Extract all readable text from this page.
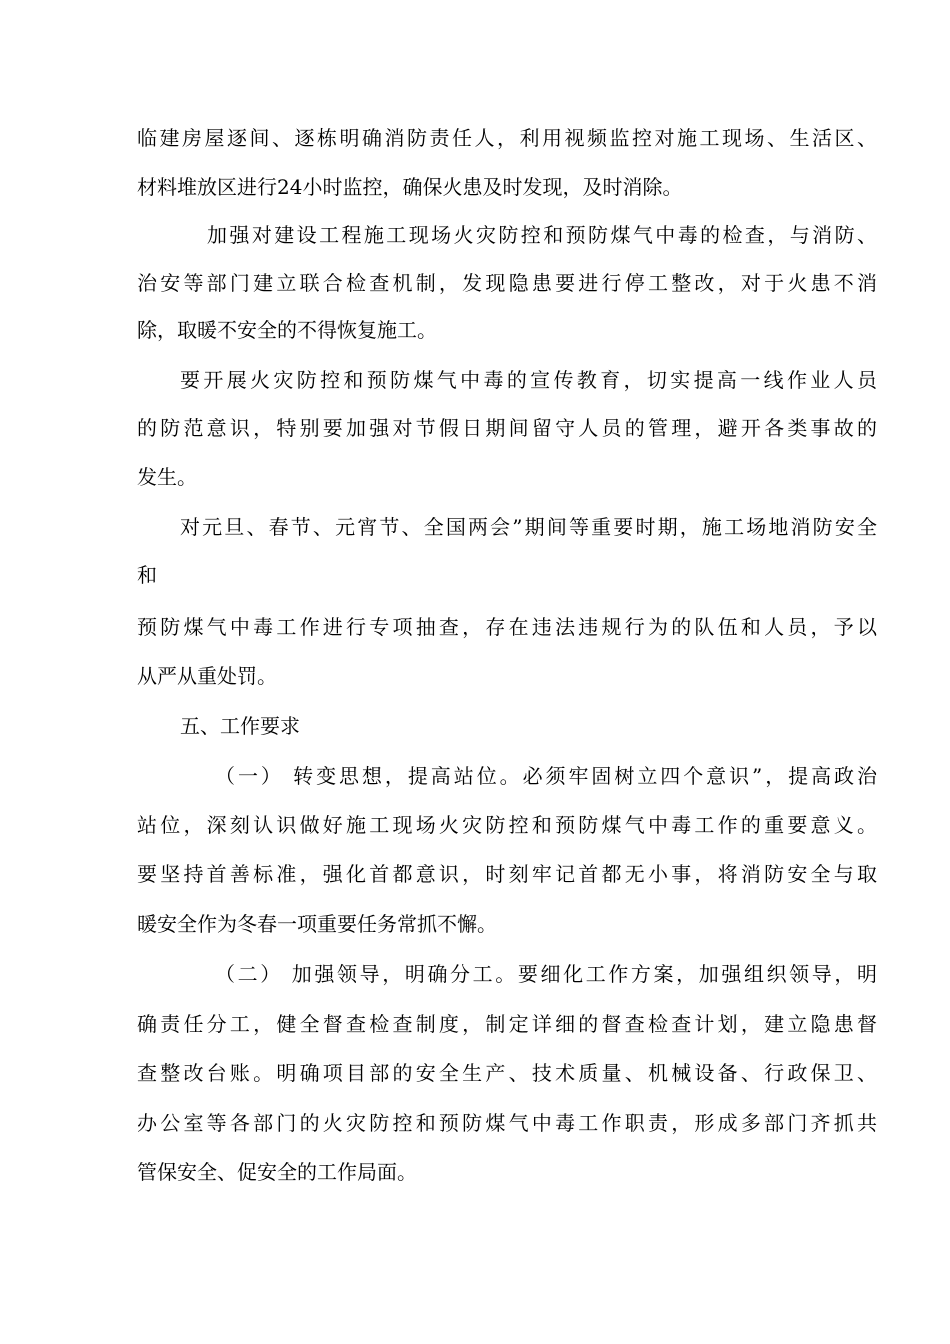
临建房屋逐间、逐栋明确消防责任人，利用视频监控对施工现场、生活区、
材料堆放区进行24小时监控，确保火患及时发现，及时消除。
加强对建设工程施工现场火灾防控和预防煤气中毒的检查，与消防、
治安等部门建立联合检查机制，发现隐患要进行停工整改，对于火患不消
除，取暖不安全的不得恢复施工。
要开展火灾防控和预防煤气中毒的宣传教育，切实提高一线作业人员
的防范意识，特别要加强对节假日期间留守人员的管理，避开各类事故的
发生。
对元旦、春节、元宵节、全国两会”期间等重要时期，施工场地消防安全
和
预防煤气中毒工作进行专项抽查，存在违法违规行为的队伍和人员，予以
从严从重处罚。
五、工作要求
（一） 转变思想，提高站位。必须牢固树立四个意识”，提高政治
站位，深刻认识做好施工现场火灾防控和预防煤气中毒工作的重要意义。
要坚持首善标准，强化首都意识，时刻牢记首都无小事，将消防安全与取
暖安全作为冬春一项重要任务常抓不懈。
（二） 加强领导，明确分工。要细化工作方案，加强组织领导，明
确责任分工，健全督查检查制度，制定详细的督查检查计划，建立隐患督
查整改台账。明确项目部的安全生产、技术质量、机械设备、行政保卫、
办公室等各部门的火灾防控和预防煤气中毒工作职责，形成多部门齐抓共
管保安全、促安全的工作局面。
